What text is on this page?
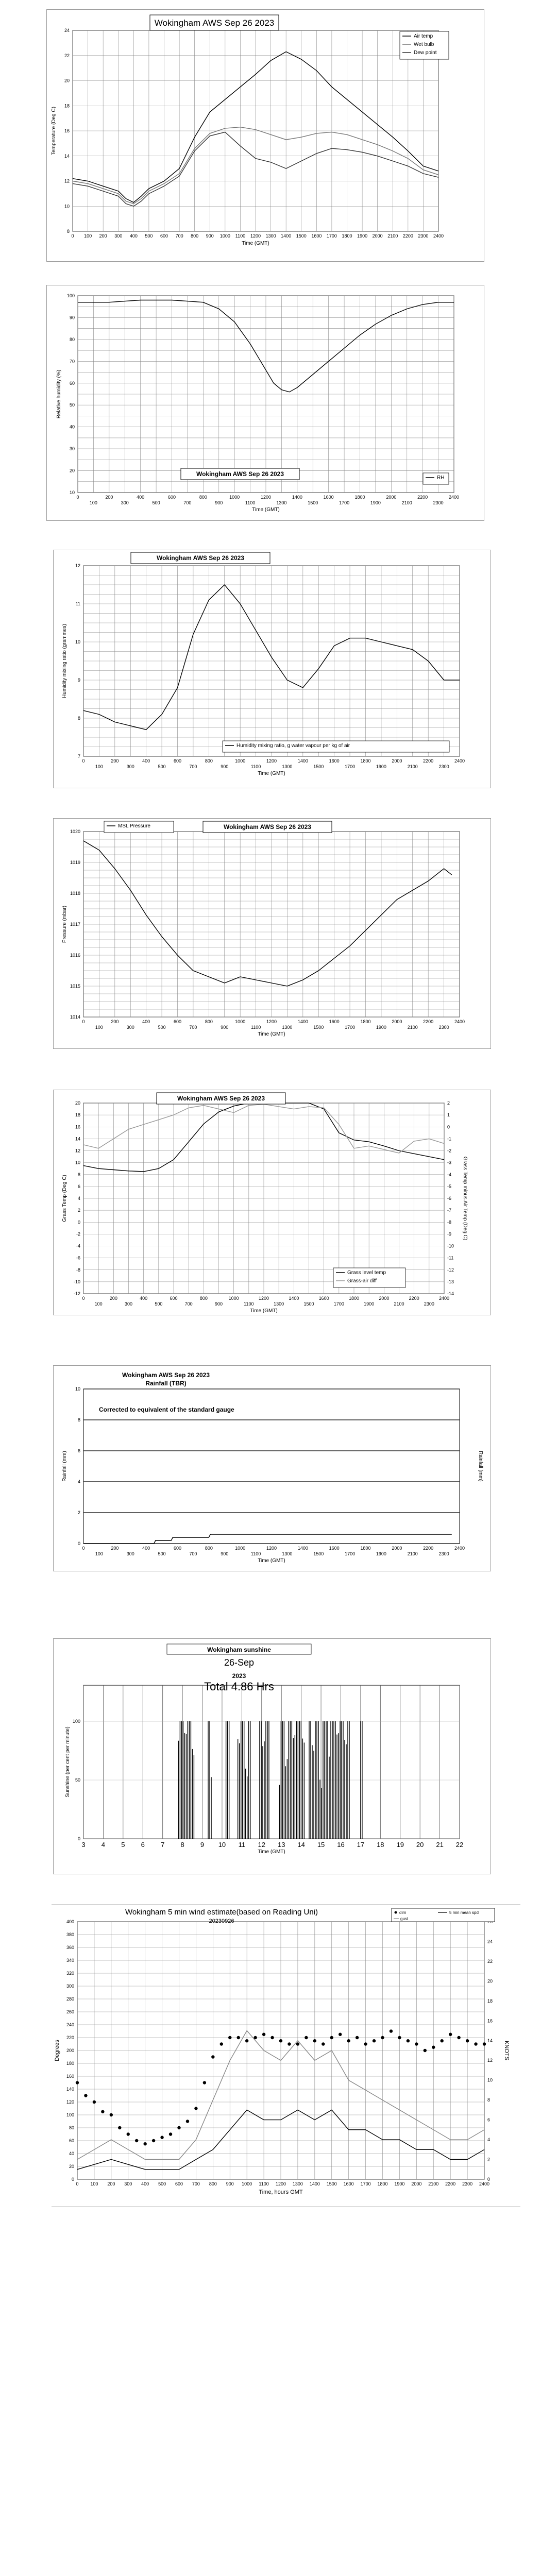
8
10
12
14
16
18
20
22
24
0 100 200 300 400 500 600 700 800 900 1000 1100 1200 1300 1400 1500 1600 1700 1800 1900 2000 2100 2200 2300 2400
Time (GMT)
Temperature (Deg C)
Wokingham AWS Sep 26 2023
Air temp
Wet bulb
Dew point
10
20
30
40
50
60
70
80
90
100
0	200	400	600	800	1000	1200	1400	1600	1800	2000	2200	2400
100	300	500	700	900	1100	1300	1500	1700	1900	2100	2300
Time (GMT)
Relative humidity (%)
Wokingham AWS Sep 26 2023
RH
7
8
9
10
11
12
0	200	400	600	800	1000	1200	1400	1600	1800	2000	2200	2400
100	300	500	700	900	1100	1300	1500	1700	1900	2100	2300
Time (GMT)
Humidity mixing ratio (grammes)
Wokingham AWS Sep 26 2023
Humidity mixing ratio, g water vapour per kg of air
1014
1015
1016
1017
1018
1019
1020
0	200	400	600	800	1000	1200	1400	1600	1800	2000	2200	2400
100	300	500	700	900	1100	1300	1500	1700	1900	2100	2300
Time (GMT)
Pressure (mbar)
Wokingham AWS Sep 26 2023
MSL Pressure
-12
-10
-8
-6
-4
-2
0
2
4
6
8
10
12
14
16
18
20
-14
-13
-12
-11
-10
-9
-8
-7
-6
-5
-4
-3
-2
-1
0
1
2
0	200	400	600	800	1000	1200	1400	1600	1800	2000	2200	2400
100	300	500	700	900	1100	1300	1500	1700	1900	2100	2300
Time (GMT)
Grass Temp (Deg C)	Grass Temp minus Air Temp (Deg C)
Wokingham AWS Sep 26 2023
Grass level temp
Grass-air diff
0
2
4
6
8
10
0	200	400	600	800	1000	1200	1400	1600	1800	2000	2200	2400
100	300	500	700	900	1100	1300	1500	1700	1900	2100	2300
Time (GMT)
Rainfall (mm)	Rainfall (mm)
Wokingham AWS Sep 26 2023
Rainfall (TBR)
Corrected to equivalent of the standard gauge
0
50
100
3 4 5 6 7 8 9 10 11 12 13 14 15 16 17 18 19 20 21 22
Time (GMT)
Sunshine (per cent per minute)
Wokingham sunshine
26-Sep
2023
Total 4.86 Hrs
0
20
40
60
80
100
120
140
160
180
200
220
240
260
280
300
320
340
360
380
400
0
2
4
6
8
10
12
14
16
18
20
22
24
0	100 200 300 400 500 600 700 800 900 1000 1100 1200 1300 1400 1500 1600 1700 1800 1900 2000 2100 2200 2300 2400
Time, hours GMT
Degrees	KNOTS
Wokingham 5 min wind estimate(based on Reading Uni)
20230926
dirn	5 min mean spd
gust
